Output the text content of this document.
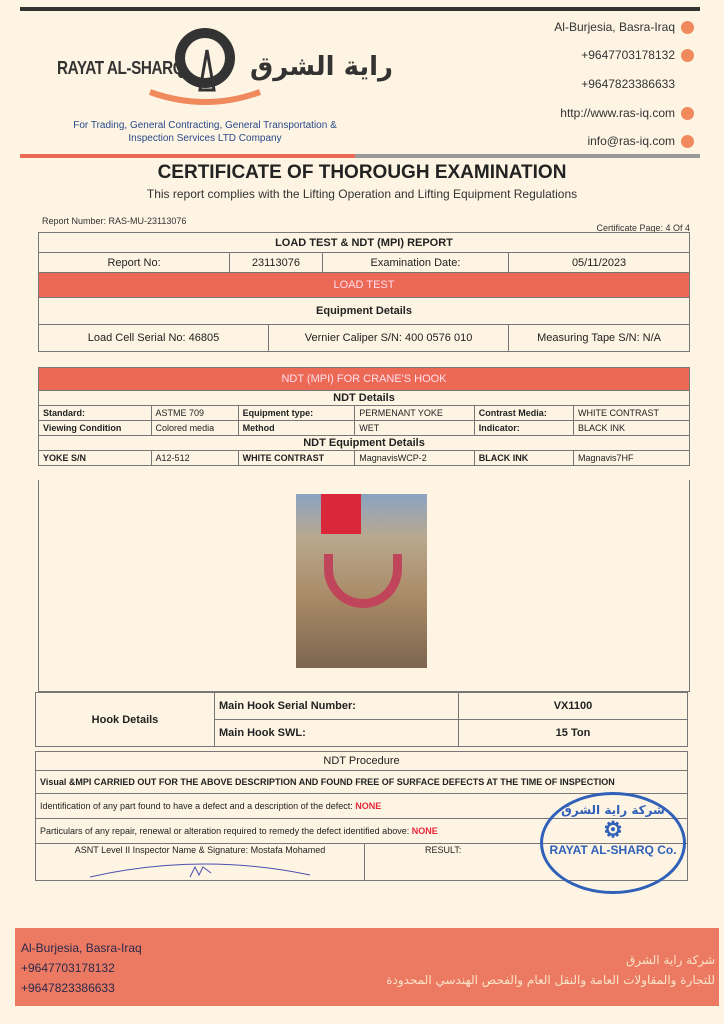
RAYAT AL-SHARQ	راية الشرق
For Trading, General Contracting, General Transportation & Inspection Services LTD Company
Al-Burjesia, Basra-Iraq
+9647703178132
+9647823386633
http://www.ras-iq.com
info@ras-iq.com
CERTIFICATE OF THOROUGH EXAMINATION
This report complies with the Lifting Operation and Lifting Equipment Regulations
Report Number: RAS-MU-23113076
Certificate Page: 4 Of 4
LOAD TEST & NDT (MPI) REPORT				
Report No:	23113076		Examination Date:	05/11/2023
LOAD TEST				
Equipment Details				
Load Cell Serial No: 46805		Vernier Caliper S/N: 400 0576 010		Measuring Tape S/N: N/A
NDT (MPI) FOR CRANE'S HOOK					
NDT Details					
Standard:	ASTME 709	Equipment type:	PERMENANT YOKE	Contrast Media:	WHITE CONTRAST
Viewing Condition	Colored media	Method	WET	Indicator:	BLACK INK
NDT Equipment Details					
YOKE S/N	A12-512	WHITE CONTRAST	MagnavisWCP-2	BLACK INK	Magnavis7HF
Hook Details	Main Hook Serial Number:	VX1100
	Main Hook SWL:	15 Ton
NDT Procedure
Visual &MPI CARRIED OUT FOR THE ABOVE DESCRIPTION AND FOUND FREE OF SURFACE DEFECTS AT THE TIME OF INSPECTION
Identification of any part found to have a defect and a description of the defect: NONE
Particulars of any repair, renewal or alteration required to remedy the defect identified above: NONE
ASNT Level II Inspector Name & Signature: Mostafa Mohamed	RESULT:
شركة راية الشرق
⚙
RAYAT AL-SHARQ Co.
Al-Burjesia, Basra-Iraq
+9647703178132
+9647823386633
شركة راية الشرق
للتجارة والمقاولات العامة والنقل العام والفحص الهندسي المحدودة
